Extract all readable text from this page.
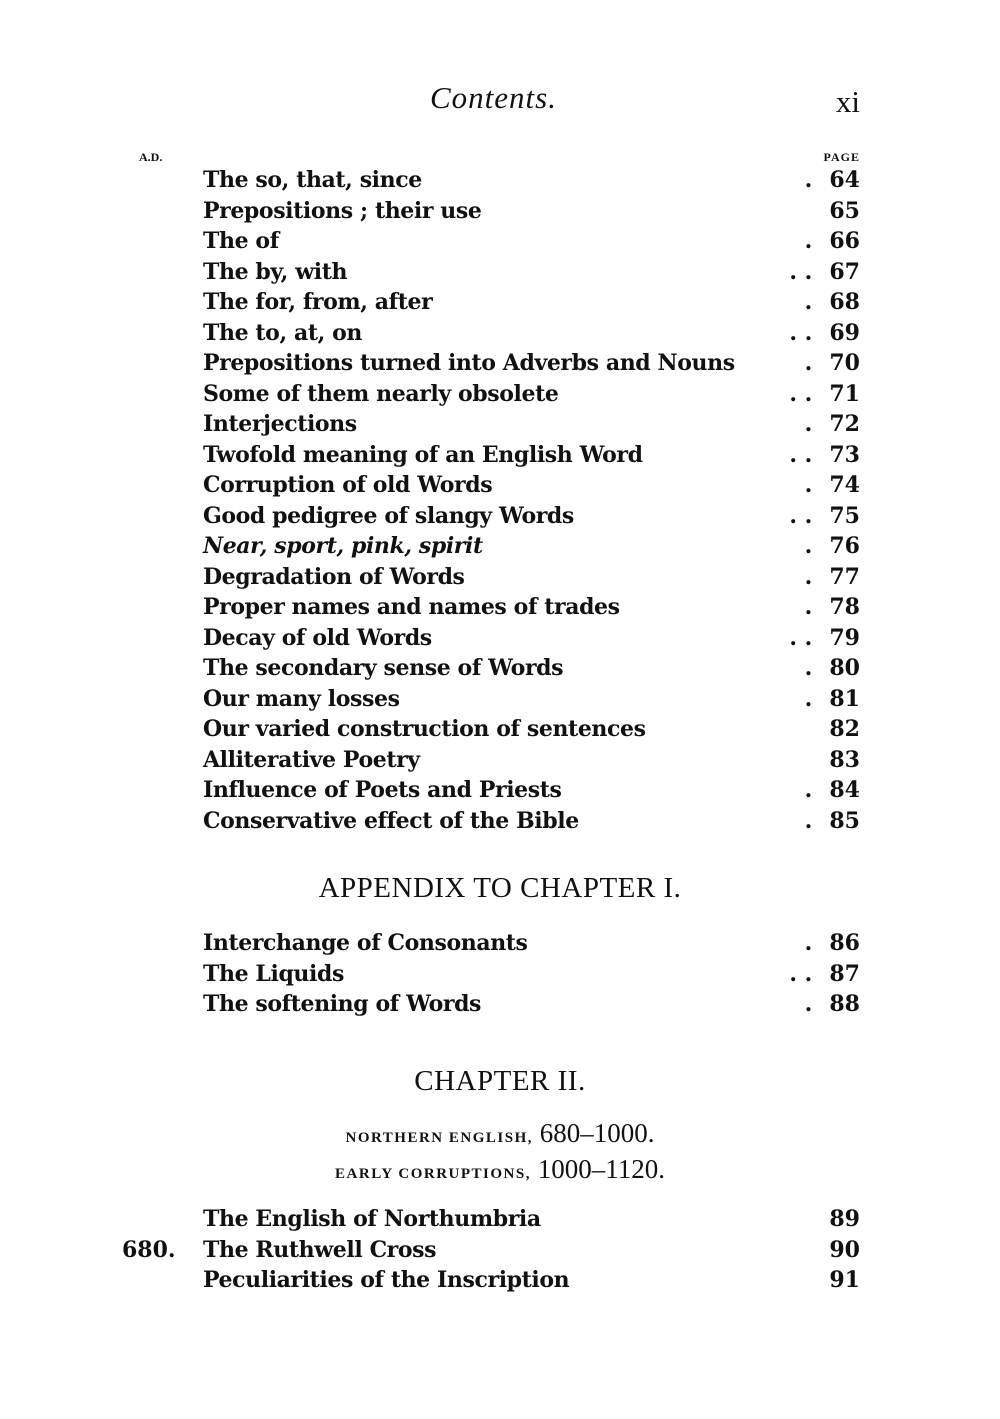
Contents.	xi
A.D.	PAGE
The so, that, since	. 64
Prepositions ; their use	65
The of	. 66
The by, with	. . 67
The for, from, after	. 68
The to, at, on	. . 69
Prepositions turned into Adverbs and Nouns	. 70
Some of them nearly obsolete	. . 71
Interjections	. 72
Twofold meaning of an English Word	. . 73
Corruption of old Words	. 74
Good pedigree of slangy Words	. . 75
Near, sport, pink, spirit	. 76
Degradation of Words	. 77
Proper names and names of trades	. 78
Decay of old Words	. . 79
The secondary sense of Words	. 80
Our many losses	. 81
Our varied construction of sentences	82
Alliterative Poetry	83
Influence of Poets and Priests	. 84
Conservative effect of the Bible	. 85
APPENDIX TO CHAPTER I.
Interchange of Consonants	. 86
The Liquids	. . 87
The softening of Words	. 88
CHAPTER II.
NORTHERN ENGLISH, 680–1000.
EARLY CORRUPTIONS, 1000–1120.
The English of Northumbria	89
680. The Ruthwell Cross	90
Peculiarities of the Inscription	91
